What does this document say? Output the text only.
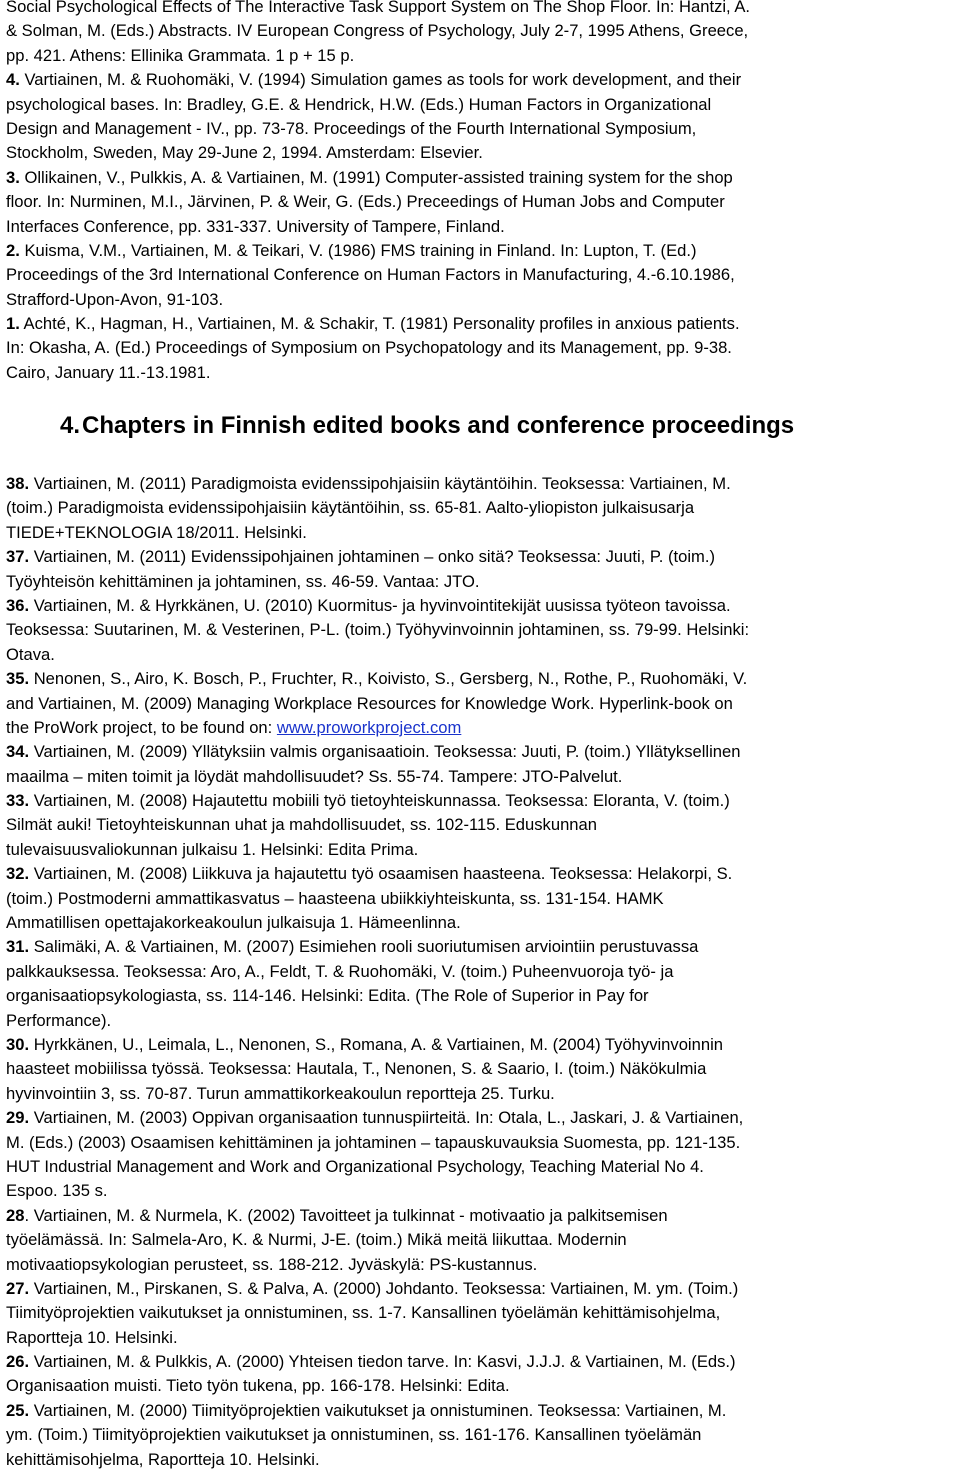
Social Psychological Effects of The Interactive Task Support System on The Shop Floor. In: Hantzi, A.
& Solman, M. (Eds.) Abstracts. IV European Congress of Psychology, July 2-7, 1995 Athens, Greece,
pp. 421. Athens: Ellinika Grammata. 1 p + 15 p.
4. Vartiainen, M. & Ruohomäki, V. (1994) Simulation games as tools for work development, and their
psychological bases. In: Bradley, G.E. & Hendrick, H.W. (Eds.) Human Factors in Organizational
Design and Management - IV., pp. 73-78. Proceedings of the Fourth International Symposium,
Stockholm, Sweden, May 29-June 2, 1994. Amsterdam: Elsevier.
3. Ollikainen, V., Pulkkis, A. & Vartiainen, M. (1991) Computer-assisted training system for the shop
floor. In: Nurminen, M.I., Järvinen, P. & Weir, G. (Eds.) Preceedings of Human Jobs and Computer
Interfaces Conference, pp. 331-337. University of Tampere, Finland.
2. Kuisma, V.M., Vartiainen, M. & Teikari, V. (1986) FMS training in Finland. In: Lupton, T. (Ed.)
Proceedings of the 3rd International Conference on Human Factors in Manufacturing, 4.-6.10.1986,
Strafford-Upon-Avon, 91-103.
1. Achté, K., Hagman, H., Vartiainen, M. & Schakir, T. (1981) Personality profiles in anxious patients.
In: Okasha, A. (Ed.) Proceedings of Symposium on Psychopatology and its Management, pp. 9-38.
Cairo, January 11.-13.1981.
4.Chapters in Finnish edited books and conference proceedings
38. Vartiainen, M. (2011) Paradigmoista evidenssipohjaisiin käytäntöihin. Teoksessa: Vartiainen, M.
(toim.) Paradigmoista evidenssipohjaisiin käytäntöihin, ss. 65-81. Aalto-yliopiston julkaisusarja
TIEDE+TEKNOLOGIA 18/2011. Helsinki.
37. Vartiainen, M. (2011) Evidenssipohjainen johtaminen – onko sitä? Teoksessa: Juuti, P. (toim.)
Työyhteisön kehittäminen ja johtaminen, ss. 46-59. Vantaa: JTO.
36. Vartiainen, M. & Hyrkkänen, U. (2010) Kuormitus- ja hyvinvointitekijät uusissa työteon tavoissa.
Teoksessa: Suutarinen, M. & Vesterinen, P-L. (toim.) Työhyvinvoinnin johtaminen, ss. 79-99. Helsinki:
Otava.
35. Nenonen, S., Airo, K. Bosch, P., Fruchter, R., Koivisto, S., Gersberg, N., Rothe, P., Ruohomäki, V.
and Vartiainen, M. (2009) Managing Workplace Resources for Knowledge Work. Hyperlink-book on
the ProWork project, to be found on: www.proworkproject.com
34. Vartiainen, M. (2009) Yllätyksiin valmis organisaatioin. Teoksessa: Juuti, P. (toim.) Yllätyksellinen
maailma – miten toimit ja löydät mahdollisuudet? Ss. 55-74. Tampere: JTO-Palvelut.
33. Vartiainen, M. (2008) Hajautettu mobiili työ tietoyhteiskunnassa. Teoksessa: Eloranta, V. (toim.)
Silmät auki! Tietoyhteiskunnan uhat ja mahdollisuudet, ss. 102-115. Eduskunnan
tulevaisuusvaliokunnan julkaisu 1. Helsinki: Edita Prima.
32. Vartiainen, M. (2008) Liikkuva ja hajautettu työ osaamisen haasteena. Teoksessa: Helakorpi, S.
(toim.) Postmoderni ammattikasvatus – haasteena ubiikkiyhteiskunta, ss. 131-154. HAMK
Ammatillisen opettajakorkeakoulun julkaisuja 1. Hämeenlinna.
31. Salimäki, A. & Vartiainen, M. (2007) Esimiehen rooli suoriutumisen arviointiin perustuvassa
palkkauksessa. Teoksessa: Aro, A., Feldt, T. & Ruohomäki, V. (toim.) Puheenvuoroja työ- ja
organisaatiopsykologiasta, ss. 114-146. Helsinki: Edita. (The Role of Superior in Pay for
Performance).
30. Hyrkkänen, U., Leimala, L., Nenonen, S., Romana, A. & Vartiainen, M. (2004) Työhyvinvoinnin
haasteet mobiilissa työssä. Teoksessa: Hautala, T., Nenonen, S. & Saario, I. (toim.) Näkökulmia
hyvinvointiin 3, ss. 70-87. Turun ammattikorkeakoulun reportteja 25. Turku.
29. Vartiainen, M. (2003) Oppivan organisaation tunnuspiirteitä. In: Otala, L., Jaskari, J. & Vartiainen,
M. (Eds.) (2003) Osaamisen kehittäminen ja johtaminen – tapauskuvauksia Suomesta, pp. 121-135.
HUT Industrial Management and Work and Organizational Psychology, Teaching Material No 4.
Espoo. 135 s.
28. Vartiainen, M. & Nurmela, K. (2002) Tavoitteet ja tulkinnat - motivaatio ja palkitsemisen
työelämässä. In: Salmela-Aro, K. & Nurmi, J-E. (toim.) Mikä meitä liikuttaa. Modernin
motivaatiopsykologian perusteet, ss. 188-212. Jyväskylä: PS-kustannus.
27. Vartiainen, M., Pirskanen, S. & Palva, A. (2000) Johdanto. Teoksessa: Vartiainen, M. ym. (Toim.)
Tiimityöprojektien vaikutukset ja onnistuminen, ss. 1-7. Kansallinen työelämän kehittämisohjelma,
Raportteja 10. Helsinki.
26. Vartiainen, M. & Pulkkis, A. (2000) Yhteisen tiedon tarve. In: Kasvi, J.J.J. & Vartiainen, M. (Eds.)
Organisaation muisti. Tieto työn tukena, pp. 166-178. Helsinki: Edita.
25. Vartiainen, M. (2000) Tiimityöprojektien vaikutukset ja onnistuminen. Teoksessa: Vartiainen, M.
ym. (Toim.) Tiimityöprojektien vaikutukset ja onnistuminen, ss. 161-176. Kansallinen työelämän
kehittämisohjelma, Raportteja 10. Helsinki.
